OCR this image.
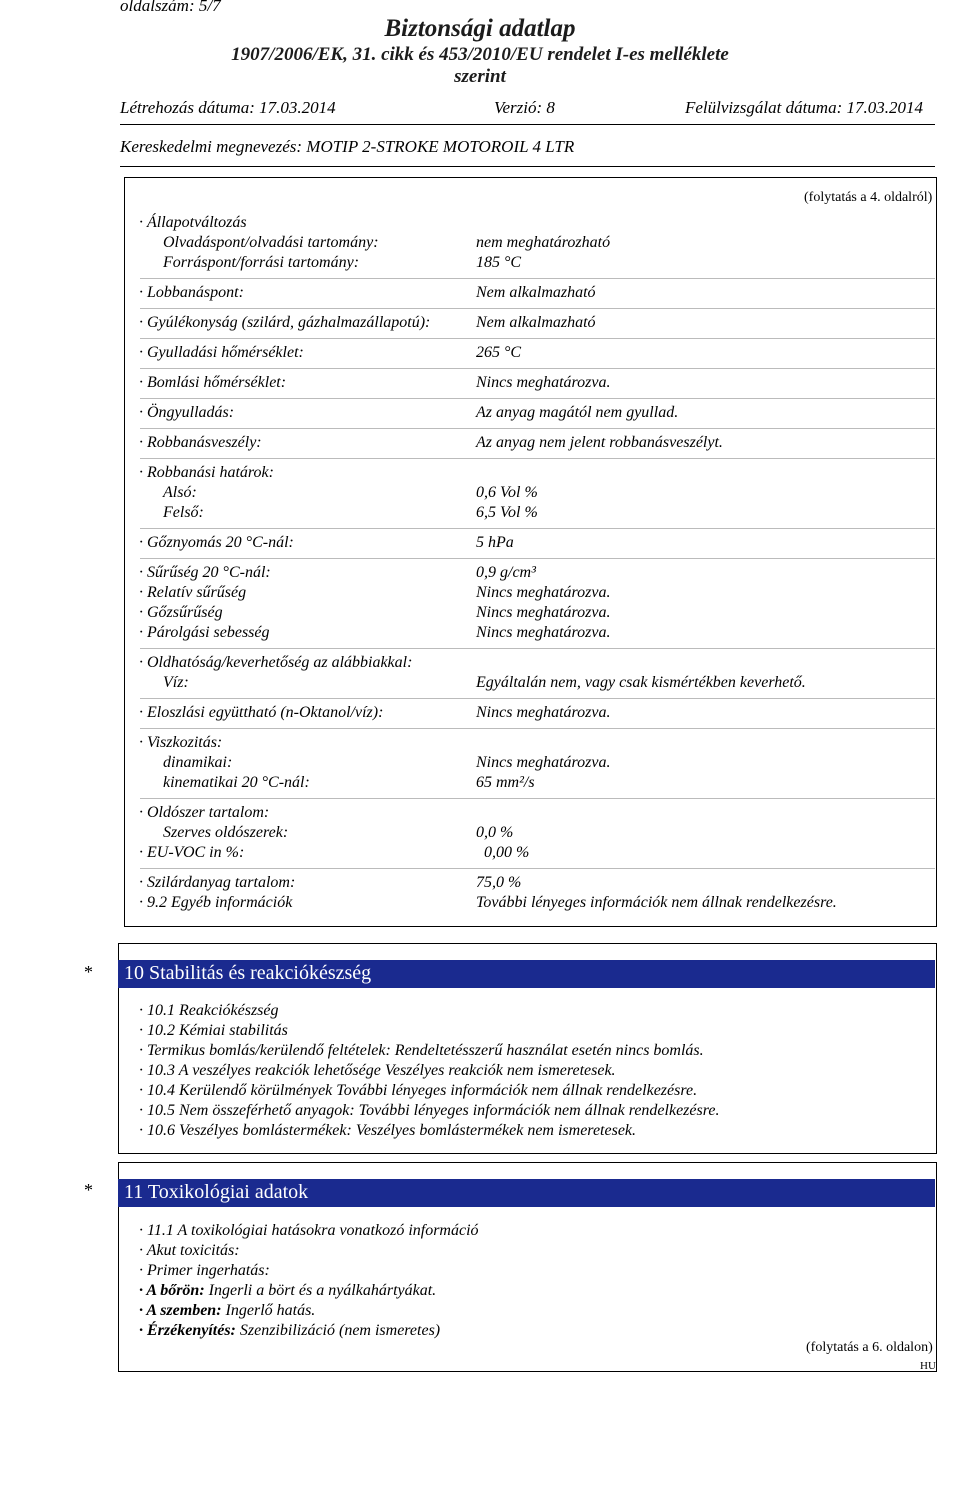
oldalszám: 5/7
Biztonsági adatlap
1907/2006/EK, 31. cikk és 453/2010/EU rendelet I-es melléklete
szerint
Létrehozás dátuma: 17.03.2014	Verzió: 8	Felülvizsgálat dátuma: 17.03.2014
Kereskedelmi megnevezés: MOTIP 2-STROKE MOTOROIL 4 LTR
(folytatás a 4. oldalról)
· Állapotváltozás
Olvadáspont/olvadási tartomány:	nem meghatározható
Forráspont/forrási tartomány:	185 °C
· Lobbanáspont:	Nem alkalmazható
· Gyúlékonyság (szilárd, gázhalmazállapotú):	Nem alkalmazható
· Gyulladási hőmérséklet:	265 °C
· Bomlási hőmérséklet:	Nincs meghatározva.
· Öngyulladás:	Az anyag magától nem gyullad.
· Robbanásveszély:	Az anyag nem jelent robbanásveszélyt.
· Robbanási határok:
Alsó:	0,6 Vol %
Felső:	6,5 Vol %
· Gőznyomás 20 °C-nál:	5 hPa
· Sűrűség 20 °C-nál:	0,9 g/cm³
· Relatív sűrűség	Nincs meghatározva.
· Gőzsűrűség	Nincs meghatározva.
· Párolgási sebesség	Nincs meghatározva.
· Oldhatóság/keverhetőség az alábbiakkal:
Víz:	Egyáltalán nem, vagy csak kismértékben keverhető.
· Eloszlási együttható (n-Oktanol/víz):	Nincs meghatározva.
· Viszkozitás:
dinamikai:	Nincs meghatározva.
kinematikai 20 °C-nál:	65 mm²/s
· Oldószer tartalom:
Szerves oldószerek:	0,0 %
· EU-VOC in %:	0,00 %
· Szilárdanyag tartalom:	75,0 %
· 9.2 Egyéb információk	További lényeges információk nem állnak rendelkezésre.
* 10 Stabilitás és reakciókészség
· 10.1 Reakciókészség
· 10.2 Kémiai stabilitás
· Termikus bomlás/kerülendő feltételek: Rendeltetésszerű használat esetén nincs bomlás.
· 10.3 A veszélyes reakciók lehetősége Veszélyes reakciók nem ismeretesek.
· 10.4 Kerülendő körülmények További lényeges információk nem állnak rendelkezésre.
· 10.5 Nem összeférhető anyagok: További lényeges információk nem állnak rendelkezésre.
· 10.6 Veszélyes bomlástermékek: Veszélyes bomlástermékek nem ismeretesek.
* 11 Toxikológiai adatok
· 11.1 A toxikológiai hatásokra vonatkozó információ
· Akut toxicitás:
· Primer ingerhatás:
· A bőrön: Ingerli a bört és a nyálkahártyákat.
· A szemben: Ingerlő hatás.
· Érzékenyítés: Szenzibilizáció (nem ismeretes)
(folytatás a 6. oldalon)
HU
